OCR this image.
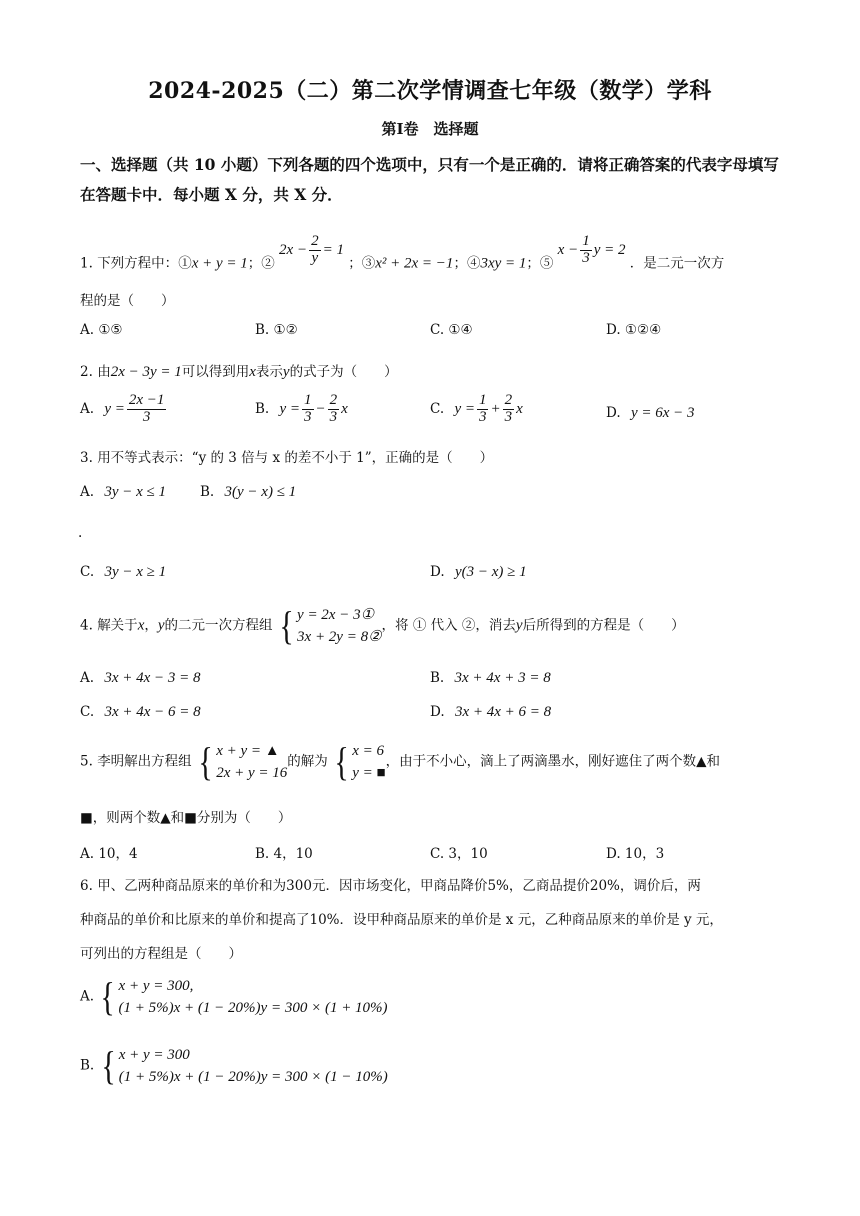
2024-2025（二）第二次学情调查七年级（数学）学科
第Ⅰ卷　选择题
一、选择题（共 10 小题）下列各题的四个选项中，只有一个是正确的．请将正确答案的代表字母填写在答题卡中．每小题 X 分，共 X 分．
1. 下列方程中：①x + y = 1；② $2x - \frac{2}{y} = 1$ ；③x² + 2x = −1；④3xy = 1；⑤ $x - \frac{1}{3}$ y = 2 ．是二元一次方
程的是（　　）
A. ①⑤	B. ①②	C. ①④	D. ①②④
2. 由2x − 3y = 1可以得到用x表示y的式子为（　　）
A. $y = \frac{2x -1}{3}$	B. $y = \frac{1}{3} - \frac{2}{3}$ x	C. $y = \frac{1}{3} + \frac{2}{3}$ x	D. y = 6x − 3
3. 用不等式表示：“y 的 3 倍与 x 的差不小于 1”，正确的是（　　）
A. 3y − x ≤ 1	B. 3(y − x) ≤ 1
.
C. 3y − x ≥ 1	D. y(3 − x) ≥ 1
4. 解关于x，y的二元一次方程组 { y = 2x − 3①
3x + 2y = 8②
，将 ① 代入 ②，消去y后所得到的方程是（　　）
A. 3x + 4x − 3 = 8	B. 3x + 4x + 3 = 8
C. 3x + 4x − 6 = 8	D. 3x + 4x + 6 = 8
5. 李明解出方程组 { x + y = ▲
2x + y = 16
的解为 { x = 6
y = ■
，由于不小心，滴上了两滴墨水，刚好遮住了两个数▲和
■，则两个数▲和■分别为（　　）
A. 10，4	B. 4，10	C. 3，10	D. 10，3
6. 甲、乙两种商品原来的单价和为300元．因市场变化，甲商品降价5%，乙商品提价20%，调价后，两
种商品的单价和比原来的单价和提高了10%．设甲种商品原来的单价是 x 元，乙种商品原来的单价是 y 元，
可列出的方程组是（　　）
A. { x + y = 300,
(1 + 5%)x + (1 − 20%)y = 300 × (1 + 10%)
B. { x + y = 300
(1 + 5%)x + (1 − 20%)y = 300 × (1 − 10%)
